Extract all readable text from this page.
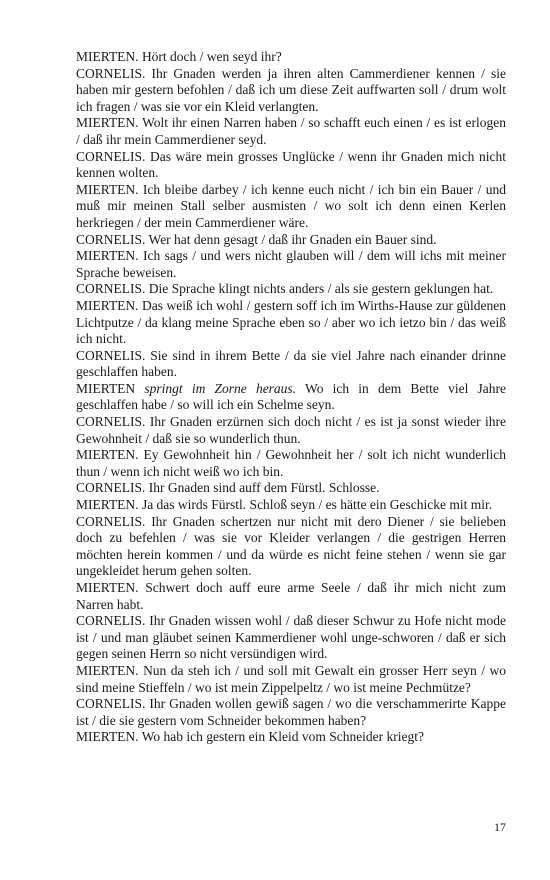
MIERTEN. Hört doch / wen seyd ihr?

CORNELIS. Ihr Gnaden werden ja ihren alten Cammerdiener kennen / sie haben mir gestern befohlen / daß ich um diese Zeit auffwarten soll / drum wolt ich fragen / was sie vor ein Kleid verlangten.

MIERTEN. Wolt ihr einen Narren haben / so schafft euch einen / es ist erlogen / daß ihr mein Cammerdiener seyd.

CORNELIS. Das wäre mein grosses Unglücke / wenn ihr Gnaden mich nicht kennen wolten.

MIERTEN. Ich bleibe darbey / ich kenne euch nicht / ich bin ein Bauer / und muß mir meinen Stall selber ausmisten / wo solt ich denn einen Kerlen herkriegen / der mein Cammerdiener wäre.

CORNELIS. Wer hat denn gesagt / daß ihr Gnaden ein Bauer sind.

MIERTEN. Ich sags / und wers nicht glauben will / dem will ichs mit meiner Sprache beweisen.

CORNELIS. Die Sprache klingt nichts anders / als sie gestern geklungen hat.

MIERTEN. Das weiß ich wohl / gestern soff ich im Wirths-Hause zur güldenen Lichtputze / da klang meine Sprache eben so / aber wo ich ietzo bin / das weiß ich nicht.

CORNELIS. Sie sind in ihrem Bette / da sie viel Jahre nach einander drinne geschlaffen haben.

MIERTEN springt im Zorne heraus. Wo ich in dem Bette viel Jahre geschlaffen habe / so will ich ein Schelme seyn.

CORNELIS. Ihr Gnaden erzürnen sich doch nicht / es ist ja sonst wieder ihre Gewohnheit / daß sie so wunderlich thun.

MIERTEN. Ey Gewohnheit hin / Gewohnheit her / solt ich nicht wunderlich thun / wenn ich nicht weiß wo ich bin.

CORNELIS. Ihr Gnaden sind auff dem Fürstl. Schlosse.

MIERTEN. Ja das wirds Fürstl. Schloß seyn / es hätte ein Geschicke mit mir.

CORNELIS. Ihr Gnaden schertzen nur nicht mit dero Diener / sie belieben doch zu befehlen / was sie vor Kleider verlangen / die gestrigen Herren möchten herein kommen / und da würde es nicht feine stehen / wenn sie gar ungekleidet herum gehen solten.

MIERTEN. Schwert doch auff eure arme Seele / daß ihr mich nicht zum Narren habt.

CORNELIS. Ihr Gnaden wissen wohl / daß dieser Schwur zu Hofe nicht mode ist / und man gläubet seinen Kammerdiener wohl unge-schworen / daß er sich gegen seinen Herrn so nicht versündigen wird.

MIERTEN. Nun da steh ich / und soll mit Gewalt ein grosser Herr seyn / wo sind meine Stieffeln / wo ist mein Zippelpeltz / wo ist meine Pechmütze?

CORNELIS. Ihr Gnaden wollen gewiß sagen / wo die verschammerirte Kappe ist / die sie gestern vom Schneider bekommen haben?

MIERTEN. Wo hab ich gestern ein Kleid vom Schneider kriegt?

17
